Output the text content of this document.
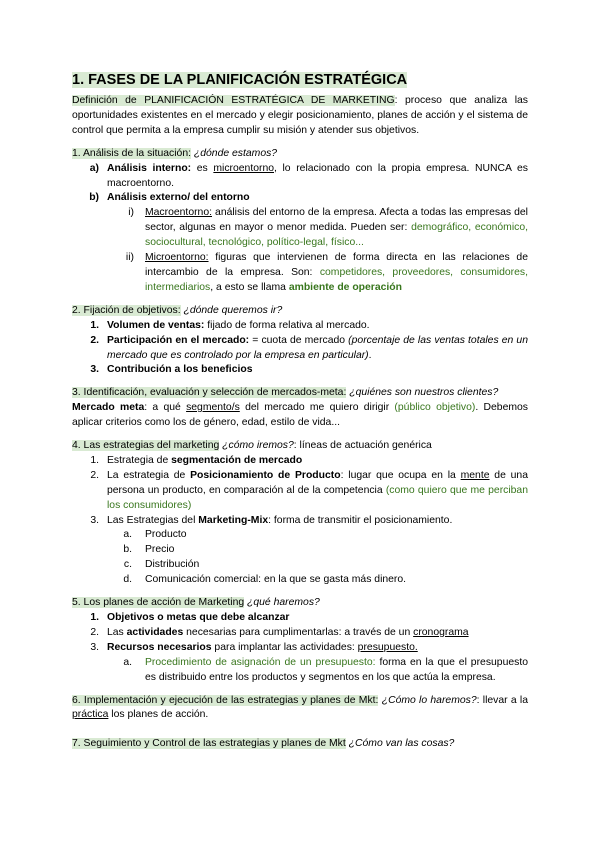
1. FASES DE LA PLANIFICACIÓN ESTRATÉGICA
Definición de PLANIFICACIÓN ESTRATÉGICA DE MARKETING: proceso que analiza las oportunidades existentes en el mercado y elegir posicionamiento, planes de acción y el sistema de control que permita a la empresa cumplir su misión y atender sus objetivos.
1. Análisis de la situación: ¿dónde estamos?
a) Análisis interno: es microentorno, lo relacionado con la propia empresa. NUNCA es macroentorno.
b) Análisis externo/ del entorno
i)	Macroentorno: análisis del entorno de la empresa. Afecta a todas las empresas del sector, algunas en mayor o menor medida. Pueden ser: demográfico, económico, sociocultural, tecnológico, político-legal, físico...
ii)	Microentorno: figuras que intervienen de forma directa en las relaciones de intercambio de la empresa. Son: competidores, proveedores, consumidores, intermediarios, a esto se llama ambiente de operación
2. Fijación de objetivos: ¿dónde queremos ir?
1. Volumen de ventas: fijado de forma relativa al mercado.
2. Participación en el mercado: = cuota de mercado (porcentaje de las ventas totales en un mercado que es controlado por la empresa en particular).
3. Contribución a los beneficios
3. Identificación, evaluación y selección de mercados-meta: ¿quiénes son nuestros clientes?
Mercado meta: a qué segmento/s del mercado me quiero dirigir (público objetivo). Debemos aplicar criterios como los de género, edad, estilo de vida...
4. Las estrategias del marketing ¿cómo iremos?: líneas de actuación genérica
1. Estrategia de segmentación de mercado
2. La estrategia de Posicionamiento de Producto: lugar que ocupa en la mente de una persona un producto, en comparación al de la competencia (como quiero que me perciban los consumidores)
3. Las Estrategias del Marketing-Mix: forma de transmitir el posicionamiento.
a.	Producto
b.	Precio
c.	Distribución
d.	Comunicación comercial: en la que se gasta más dinero.
5. Los planes de acción de Marketing ¿qué haremos?
1. Objetivos o metas que debe alcanzar
2. Las actividades necesarias para cumplimentarlas: a través de un cronograma
3. Recursos necesarios para implantar las actividades: presupuesto.
a.	Procedimiento de asignación de un presupuesto: forma en la que el presupuesto es distribuido entre los productos y segmentos en los que actúa la empresa.
6. Implementación y ejecución de las estrategias y planes de Mkt: ¿Cómo lo haremos?: llevar a la práctica los planes de acción.
7. Seguimiento y Control de las estrategias y planes de Mkt ¿Cómo van las cosas?
